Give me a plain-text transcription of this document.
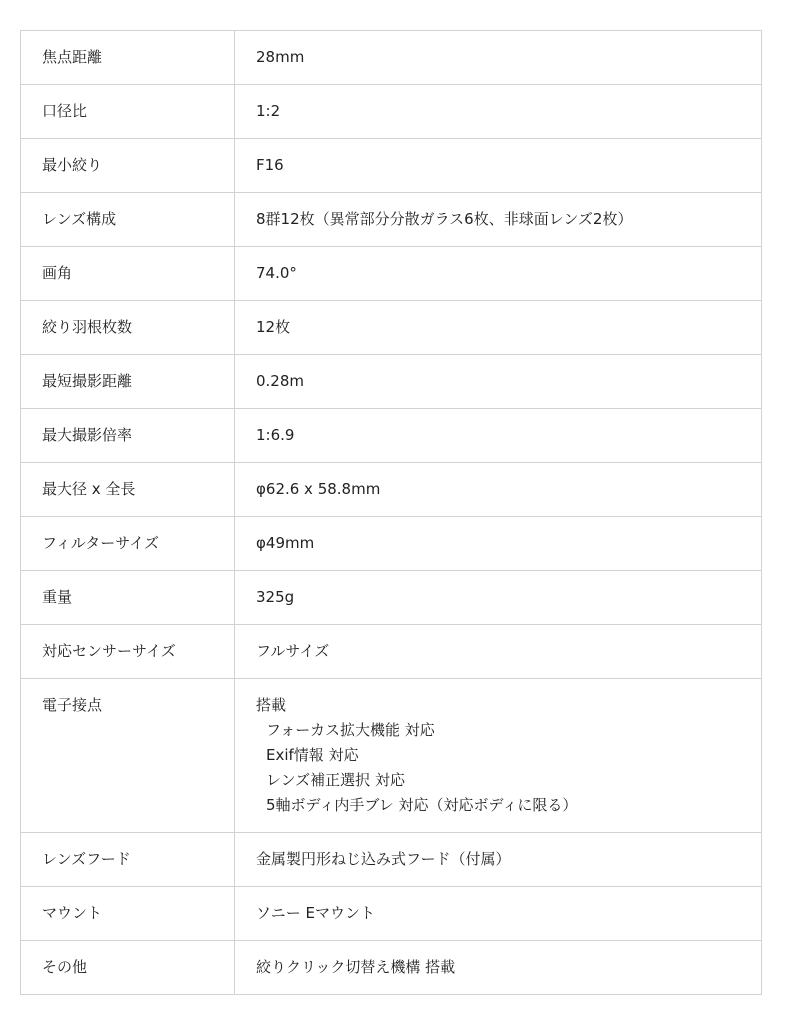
焦点距離	28mm
口径比	1:2
最小絞り	F16
レンズ構成	8群12枚（異常部分分散ガラス6枚、非球面レンズ2枚）
画角	74.0°
絞り羽根枚数	12枚
最短撮影距離	0.28m
最大撮影倍率	1:6.9
最大径 x 全長	φ62.6 x 58.8mm
フィルターサイズ	φ49mm
重量	325g
対応センサーサイズ	フルサイズ
電子接点	搭載
フォーカス拡大機能 対応
Exif情報 対応
レンズ補正選択 対応
5軸ボディ内手ブレ 対応（対応ボディに限る）

レンズフード	金属製円形ねじ込み式フード（付属）
マウント	ソニー Eマウント
その他	絞りクリック切替え機構 搭載
